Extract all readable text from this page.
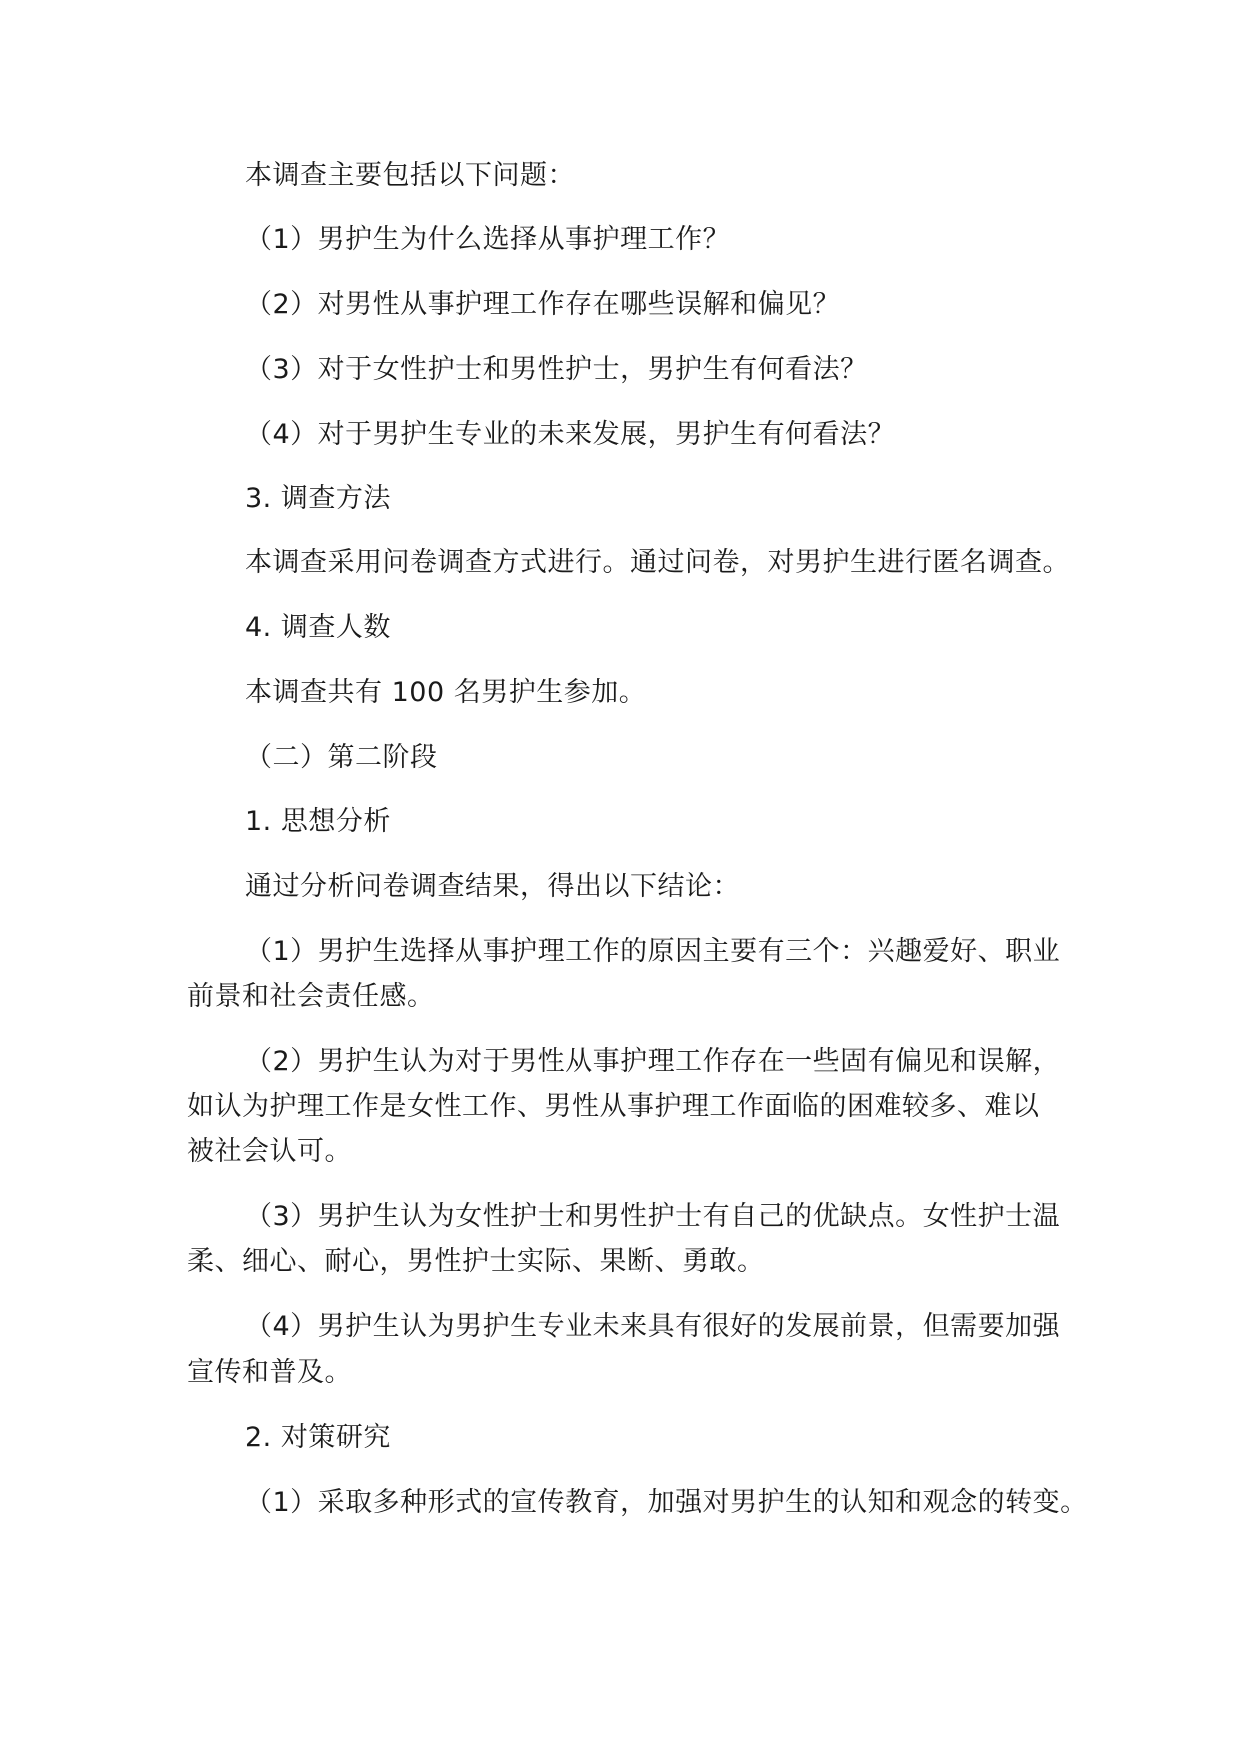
本调查主要包括以下问题：
（1）男护生为什么选择从事护理工作？
（2）对男性从事护理工作存在哪些误解和偏见？
（3）对于女性护士和男性护士，男护生有何看法？
（4）对于男护生专业的未来发展，男护生有何看法？
3. 调查方法
本调查采用问卷调查方式进行。通过问卷，对男护生进行匿名调查。
4. 调查人数
本调查共有 100 名男护生参加。
（二）第二阶段
1. 思想分析
通过分析问卷调查结果，得出以下结论：
（1）男护生选择从事护理工作的原因主要有三个：兴趣爱好、职业
前景和社会责任感。
（2）男护生认为对于男性从事护理工作存在一些固有偏见和误解，
如认为护理工作是女性工作、男性从事护理工作面临的困难较多、难以
被社会认可。
（3）男护生认为女性护士和男性护士有自己的优缺点。女性护士温
柔、细心、耐心，男性护士实际、果断、勇敢。
（4）男护生认为男护生专业未来具有很好的发展前景，但需要加强
宣传和普及。
2. 对策研究
（1）采取多种形式的宣传教育，加强对男护生的认知和观念的转变。
